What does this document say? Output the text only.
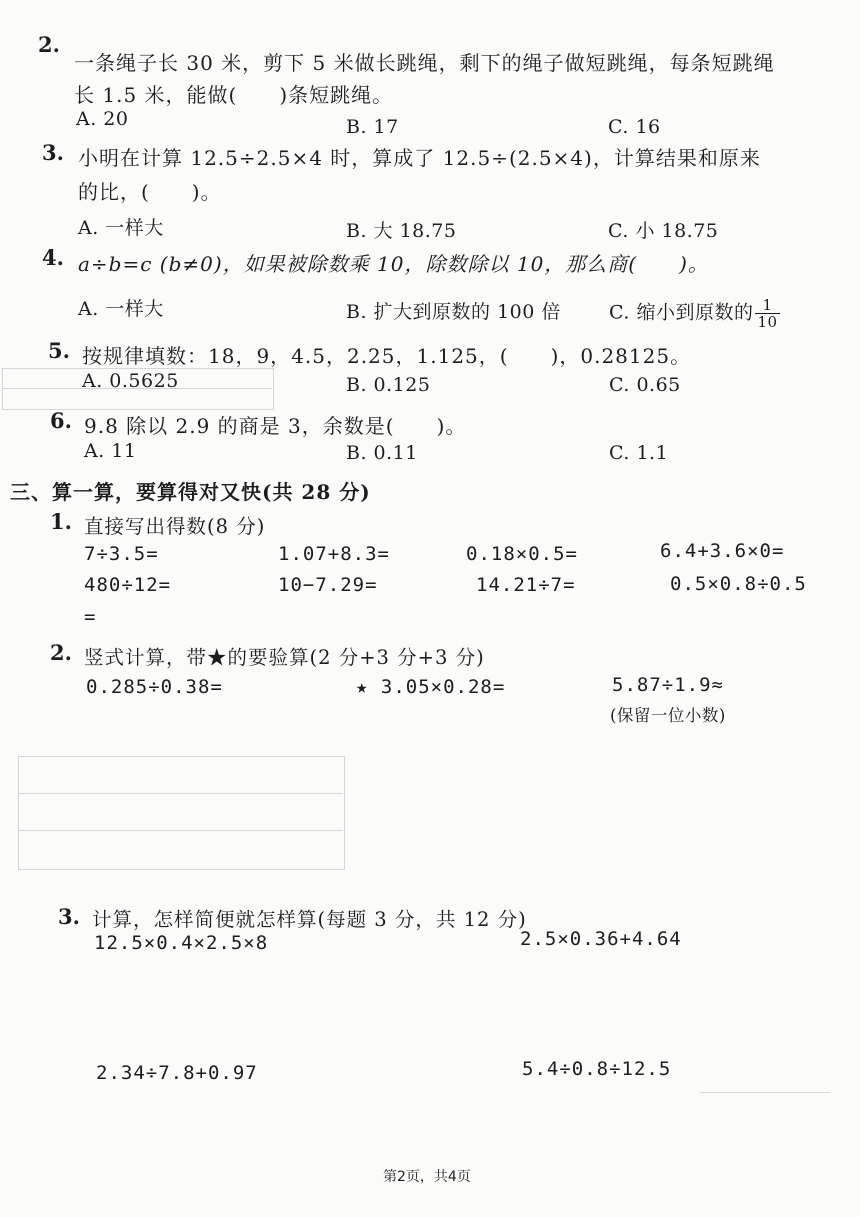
2.
一条绳子长 30 米，剪下 5 米做长跳绳，剩下的绳子做短跳绳，每条短跳绳
长 1.5 米，能做(　　)条短跳绳。
A. 20	B. 17	C. 16
3. 小明在计算 12.5÷2.5×4 时，算成了 12.5÷(2.5×4)，计算结果和原来
的比，(　　)。
A. 一样大	B. 大 18.75	C. 小 18.75
4. a÷b=c (b≠0)，如果被除数乘 10，除数除以 10，那么商(　　)。
A. 一样大	B. 扩大到原数的 100 倍	C. 缩小到原数的 $\frac{1}{10}$
5. 按规律填数：18，9，4.5，2.25，1.125，(　　)，0.28125。
A. 0.5625	B. 0.125	C. 0.65
6. 9.8 除以 2.9 的商是 3，余数是(　　)。
A. 11	B. 0.11	C. 1.1
三、算一算，要算得对又快(共 28 分)
1. 直接写出得数(8 分)
7÷3.5=	1.07+8.3=	0.18×0.5=	6.4+3.6×0=
480÷12=	10−7.29=	14.21÷7=	0.5×0.8÷0.5
=
2. 竖式计算，带★的要验算(2 分+3 分+3 分)
0.285÷0.38=	★ 3.05×0.28=	5.87÷1.9≈
(保留一位小数)
3. 计算，怎样简便就怎样算(每题 3 分，共 12 分)
12.5×0.4×2.5×8	2.5×0.36+4.64
2.34÷7.8+0.97	5.4÷0.8÷12.5
第2页，共4页
